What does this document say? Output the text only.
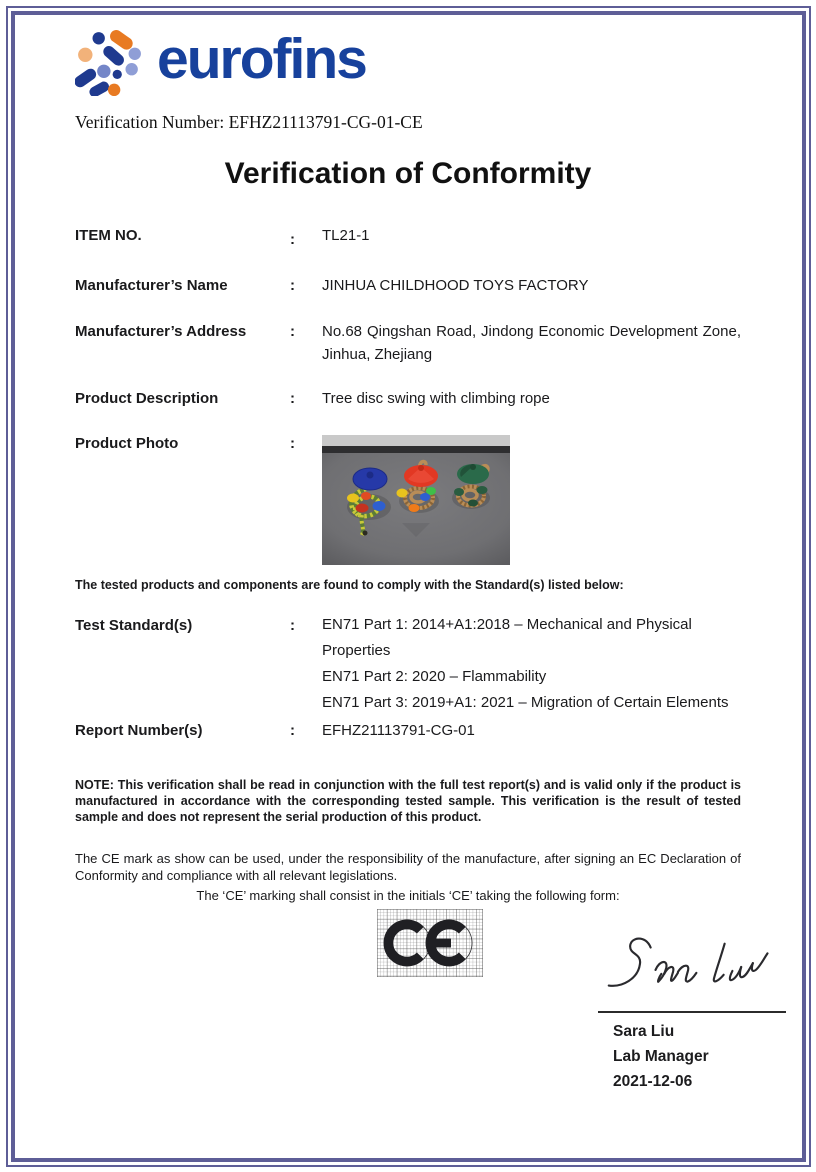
eurofins
Verification Number: EFHZ21113791-CG-01-CE
Verification of Conformity
ITEM NO.	:	TL21-1
Manufacturer’s Name	:	JINHUA CHILDHOOD TOYS FACTORY
Manufacturer’s Address	:	No.68 Qingshan Road, Jindong Economic Development Zone,
Jinhua, Zhejiang
Product Description	:	Tree disc swing with climbing rope
Product Photo	:
The tested products and components are found to comply with the Standard(s) listed below:
Test Standard(s)	:	EN71 Part 1: 2014+A1:2018 – Mechanical and Physical Properties
EN71 Part 2: 2020 – Flammability
EN71 Part 3: 2019+A1: 2021 – Migration of Certain Elements
Report Number(s)	:	EFHZ21113791-CG-01
NOTE: This verification shall be read in conjunction with the full test report(s) and is valid only if the product is manufactured in accordance with the corresponding tested sample. This verification is the result of tested sample and does not represent the serial production of this product.
The CE mark as show can be used, under the responsibility of the manufacture, after signing an EC Declaration of Conformity and compliance with all relevant legislations.
The ‘CE’ marking shall consist in the initials ‘CE’ taking the following form:
Sara Liu
Lab Manager
2021-12-06
